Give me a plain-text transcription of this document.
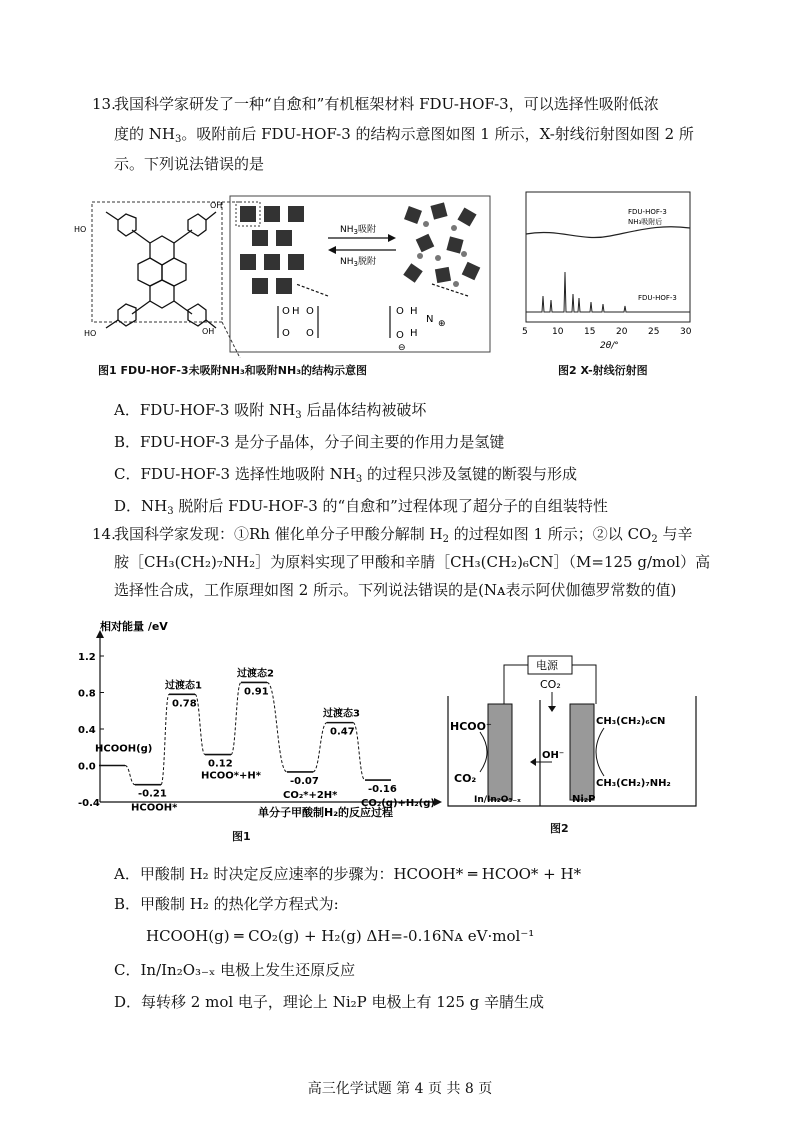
13.
我国科学家研发了一种“自愈和”有机框架材料 FDU-HOF-3，可以选择性吸附低浓
度的 $NH_3$。吸附前后 FDU-HOF-3 的结构示意图如图 1 所示，X-射线衍射图如图 2 所
示。下列说法错误的是
HO
OH
HO	OH
$NH_3$吸附
$NH_3$脱附
O H O
O O
O H
N ⊕
H
O
⊖
图1 FDU-HOF-3未吸附NH₃和吸附NH₃的结构示意图
FDU-HOF-3
NH₃吸附后
FDU-HOF-3
5	10 15 20 25 30
2θ/°
图2 X-射线衍射图
A．FDU-HOF-3 吸附 $NH_3$ 后晶体结构被破坏
B．FDU-HOF-3 是分子晶体，分子间主要的作用力是氢键
C．FDU-HOF-3 选择性地吸附 $NH_3$ 的过程只涉及氢键的断裂与形成
D．$NH_3$ 脱附后 FDU-HOF-3 的“自愈和”过程体现了超分子的自组装特性
14.
我国科学家发现：①Rh 催化单分子甲酸分解制 $H_2$ 的过程如图 1 所示；②以 $CO_2$ 与辛
胺［CH₃(CH₂)₇NH₂］为原料实现了甲酸和辛腈［CH₃(CH₂)₆CN］（M=125 g/mol）高
选择性合成，工作原理如图 2 所示。下列说法错误的是(Nᴀ表示阿伏伽德罗常数的值)
相对能量 /eV
1.2
0.8
0.4
0.0
-0.4
HCOOH(g)
-0.21
HCOOH*
0.78
过渡态1
0.12
HCOO*+H*
0.91
过渡态2
-0.07
CO₂*+2H*
0.47
过渡态3
-0.16
CO₂(g)+H₂(g)
单分子甲酸制H₂的反应过程
图1
电源
CO₂
HCOO⁻
CO₂
In/In₂O₃₋ₓ
OH⁻
CH₃(CH₂)₆CN
CH₃(CH₂)₇NH₂
Ni₂P
图2
A．甲酸制 H₂ 时决定反应速率的步骤为：HCOOH* ═ HCOO* + H*
B．甲酸制 H₂ 的热化学方程式为:
HCOOH(g) ═ CO₂(g) + H₂(g) ΔH=-0.16Nᴀ eV·mol⁻¹
C．In/In₂O₃₋ₓ 电极上发生还原反应
D．每转移 2 mol 电子，理论上 Ni₂P 电极上有 125 g 辛腈生成
高三化学试题 第 4 页 共 8 页
